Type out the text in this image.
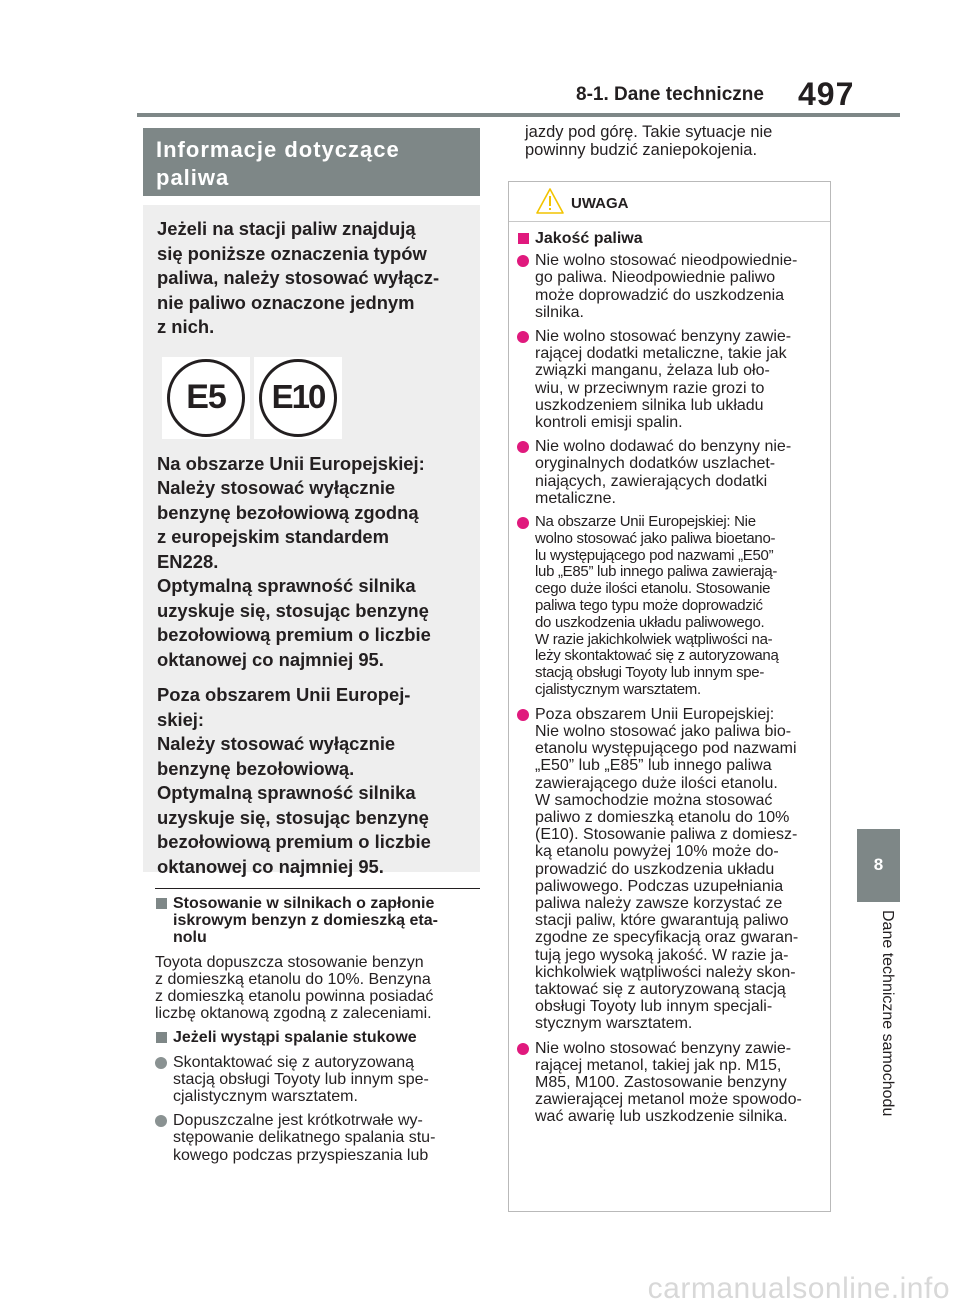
8-1. Dane techniczne 497
8
Dane techniczne samochodu
Informacje dotyczące paliwa

Jeżeli na stacji paliw znajdują
się poniższe oznaczenia typów
paliwa, należy stosować wyłącz-
nie paliwo oznaczone jednym
z nich.

E5	E10

Na obszarze Unii Europejskiej:
Należy stosować wyłącznie
benzynę bezołowiową zgodną
z europejskim standardem
EN228.
Optymalną sprawność silnika
uzyskuje się, stosując benzynę
bezołowiową premium o liczbie
oktanowej co najmniej 95.

Poza obszarem Unii Europej-
skiej:
Należy stosować wyłącznie
benzynę bezołowiową.
Optymalną sprawność silnika
uzyskuje się, stosując benzynę
bezołowiową premium o liczbie
oktanowej co najmniej 95.

Stosowanie w silnikach o zapłonie
iskrowym benzyn z domieszką eta-
nolu
Toyota dopuszcza stosowanie benzyn
z domieszką etanolu do 10%. Benzyna
z domieszką etanolu powinna posiadać
liczbę oktanową zgodną z zaleceniami.
Jeżeli wystąpi spalanie stukowe
Skontaktować się z autoryzowaną
stacją obsługi Toyoty lub innym spe-
cjalistycznym warsztatem.
Dopuszczalne jest krótkotrwałe wy-
stępowanie delikatnego spalania stu-
kowego podczas przyspieszania lub
jazdy pod górę. Takie sytuacje nie
powinny budzić zaniepokojenia.
UWAGA
Jakość paliwa
Nie wolno stosować nieodpowiednie-
go paliwa. Nieodpowiednie paliwo
może doprowadzić do uszkodzenia
silnika.
Nie wolno stosować benzyny zawie-
rającej dodatki metaliczne, takie jak
związki manganu, żelaza lub oło-
wiu, w przeciwnym razie grozi to
uszkodzeniem silnika lub układu
kontroli emisji spalin.
Nie wolno dodawać do benzyny nie-
oryginalnych dodatków uszlachet-
niających, zawierających dodatki
metaliczne.
Na obszarze Unii Europejskiej: Nie
wolno stosować jako paliwa bioetano-
lu występującego pod nazwami „E50”
lub „E85” lub innego paliwa zawierają-
cego duże ilości etanolu. Stosowanie
paliwa tego typu może doprowadzić
do uszkodzenia układu paliwowego.
W razie jakichkolwiek wątpliwości na-
leży skontaktować się z autoryzowaną
stacją obsługi Toyoty lub innym spe-
cjalistycznym warsztatem.
Poza obszarem Unii Europejskiej:
Nie wolno stosować jako paliwa bio-
etanolu występującego pod nazwami
„E50” lub „E85” lub innego paliwa
zawierającego duże ilości etanolu.
W samochodzie można stosować
paliwo z domieszką etanolu do 10%
(E10). Stosowanie paliwa z domiesz-
ką etanolu powyżej 10% może do-
prowadzić do uszkodzenia układu
paliwowego. Podczas uzupełniania
paliwa należy zawsze korzystać ze
stacji paliw, które gwarantują paliwo
zgodne ze specyfikacją oraz gwaran-
tują jego wysoką jakość. W razie ja-
kichkolwiek wątpliwości należy skon-
taktować się z autoryzowaną stacją
obsługi Toyoty lub innym specjali-
stycznym warsztatem.
Nie wolno stosować benzyny zawie-
rającej metanol, takiej jak np. M15,
M85, M100. Zastosowanie benzyny
zawierającej metanol może spowodo-
wać awarię lub uszkodzenie silnika.
carmanualsonline.info
